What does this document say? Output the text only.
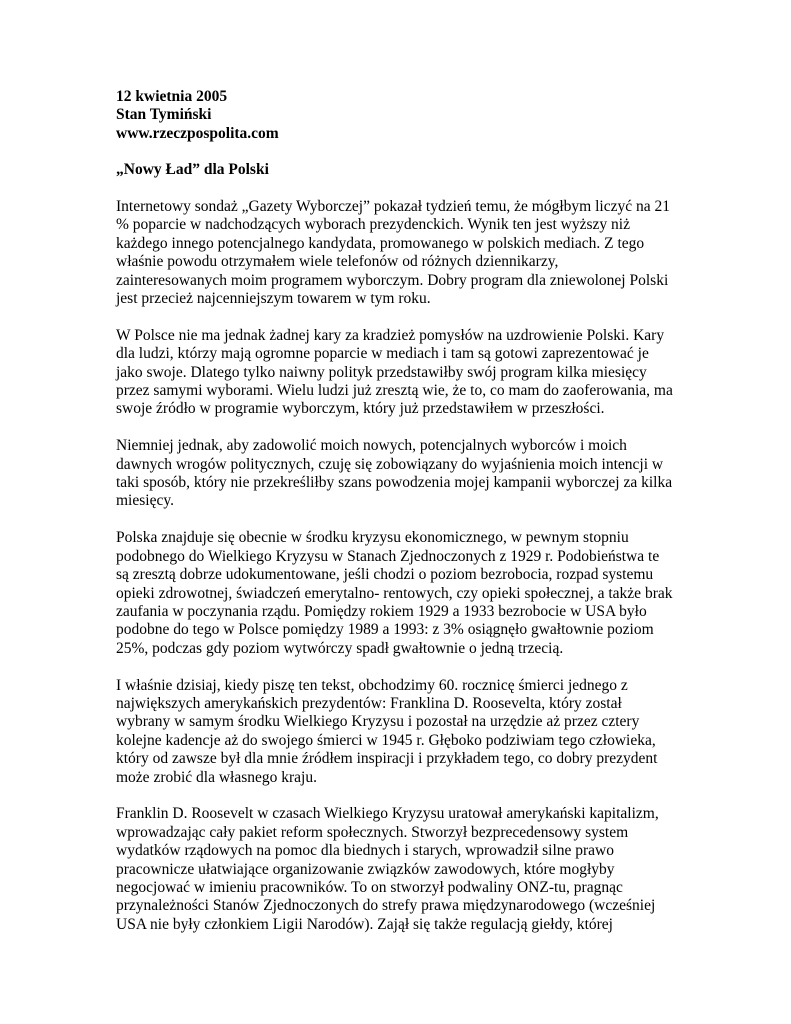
12 kwietnia 2005

Stan Tymiński

www.rzeczpospolita.com

„Nowy Ład” dla Polski

Internetowy sondaż „Gazety Wyborczej” pokazał tydzień temu, że mógłbym liczyć na 21
% poparcie w nadchodzących wyborach prezydenckich. Wynik ten jest wyższy niż
każdego innego potencjalnego kandydata, promowanego w polskich mediach. Z tego
właśnie powodu otrzymałem wiele telefonów od różnych dziennikarzy,
zainteresowanych moim programem wyborczym. Dobry program dla zniewolonej Polski
jest przecież najcenniejszym towarem w tym roku.

W Polsce nie ma jednak żadnej kary za kradzież pomysłów na uzdrowienie Polski. Kary
dla ludzi, którzy mają ogromne poparcie w mediach i tam są gotowi zaprezentować je
jako swoje. Dlatego tylko naiwny polityk przedstawiłby swój program kilka miesięcy
przez samymi wyborami. Wielu ludzi już zresztą wie, że to, co mam do zaoferowania, ma
swoje źródło w programie wyborczym, który już przedstawiłem w przeszłości.

Niemniej jednak, aby zadowolić moich nowych, potencjalnych wyborców i moich
dawnych wrogów politycznych, czuję się zobowiązany do wyjaśnienia moich intencji w
taki sposób, który nie przekreśliłby szans powodzenia mojej kampanii wyborczej za kilka
miesięcy.

Polska znajduje się obecnie w środku kryzysu ekonomicznego, w pewnym stopniu
podobnego do Wielkiego Kryzysu w Stanach Zjednoczonych z 1929 r. Podobieństwa te
są zresztą dobrze udokumentowane, jeśli chodzi o poziom bezrobocia, rozpad systemu
opieki zdrowotnej, świadczeń emerytalno- rentowych, czy opieki społecznej, a także brak
zaufania w poczynania rządu. Pomiędzy rokiem 1929 a 1933 bezrobocie w USA było
podobne do tego w Polsce pomiędzy 1989 a 1993: z 3% osiągnęło gwałtownie poziom
25%, podczas gdy poziom wytwórczy spadł gwałtownie o jedną trzecią.

I właśnie dzisiaj, kiedy piszę ten tekst, obchodzimy 60. rocznicę śmierci jednego z
największych amerykańskich prezydentów: Franklina D. Roosevelta, który został
wybrany w samym środku Wielkiego Kryzysu i pozostał na urzędzie aż przez cztery
kolejne kadencje aż do swojego śmierci w 1945 r. Głęboko podziwiam tego człowieka,
który od zawsze był dla mnie źródłem inspiracji i przykładem tego, co dobry prezydent
może zrobić dla własnego kraju.

Franklin D. Roosevelt w czasach Wielkiego Kryzysu uratował amerykański kapitalizm,
wprowadzając cały pakiet reform społecznych. Stworzył bezprecedensowy system
wydatków rządowych na pomoc dla biednych i starych, wprowadził silne prawo
pracownicze ułatwiające organizowanie związków zawodowych, które mogłyby
negocjować w imieniu pracowników. To on stworzył podwaliny ONZ-tu, pragnąc
przynależności Stanów Zjednoczonych do strefy prawa międzynarodowego (wcześniej
USA nie były członkiem Ligii Narodów). Zajął się także regulacją giełdy, której
